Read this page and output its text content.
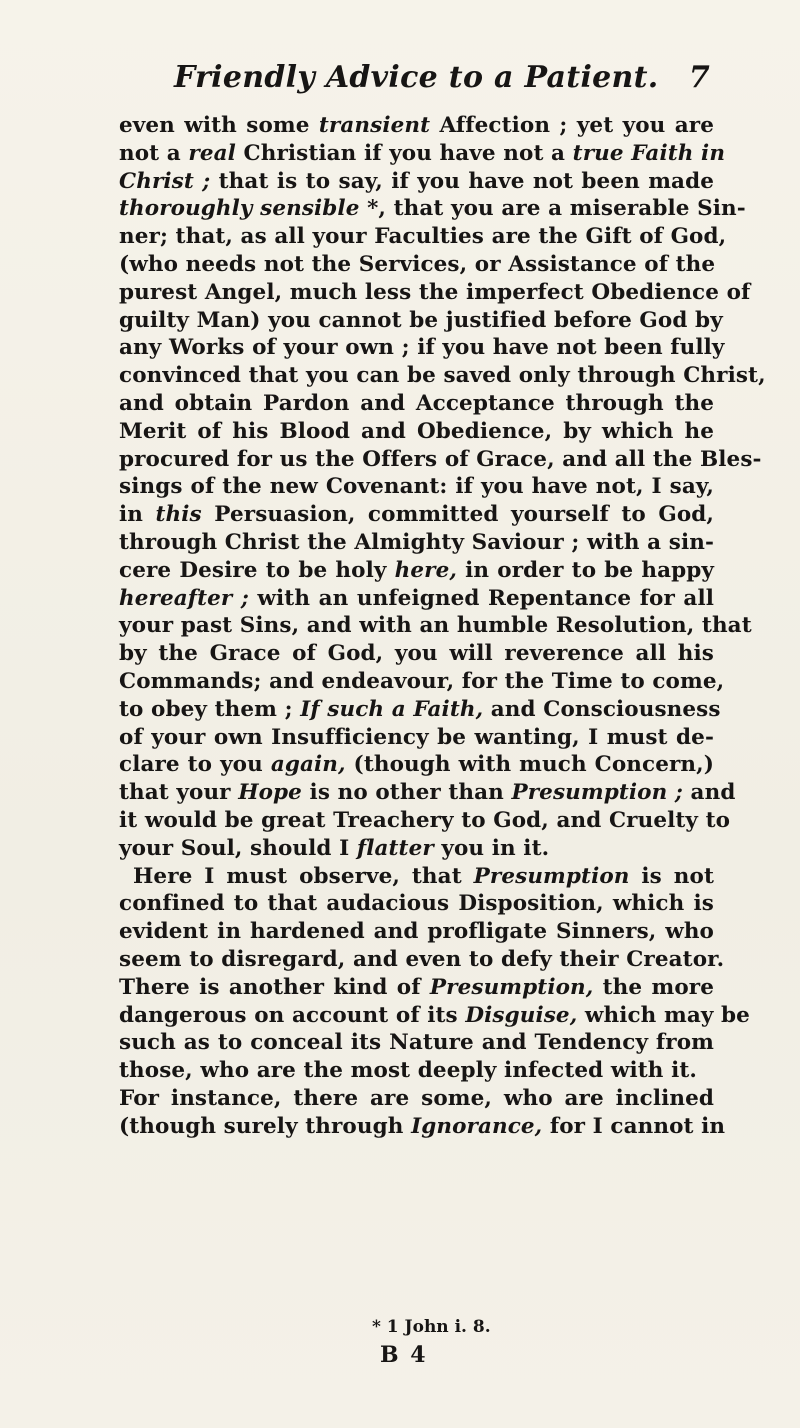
Friendly Advice to a Patient. 7
even with some transient Affection ; yet you are
not a real Christian if you have not a true Faith in
Christ ; that is to say, if you have not been made
thoroughly sensible *, that you are a miserable Sin-
ner; that, as all your Faculties are the Gift of God,
(who needs not the Services, or Assistance of the
purest Angel, much less the imperfect Obedience of
guilty Man) you cannot be justified before God by
any Works of your own ; if you have not been fully
convinced that you can be saved only through Christ,
and obtain Pardon and Acceptance through the
Merit of his Blood and Obedience, by which he
procured for us the Offers of Grace, and all the Bles-
sings of the new Covenant: if you have not, I say,
in this Persuasion, committed yourself to God,
through Christ the Almighty Saviour ; with a sin-
cere Desire to be holy here, in order to be happy
hereafter ; with an unfeigned Repentance for all
your past Sins, and with an humble Resolution, that
by the Grace of God, you will reverence all his
Commands; and endeavour, for the Time to come,
to obey them ; If such a Faith, and Consciousness
of your own Insufficiency be wanting, I must de-
clare to you again, (though with much Concern,)
that your Hope is no other than Presumption ; and
it would be great Treachery to God, and Cruelty to
your Soul, should I flatter you in it.
Here I must observe, that Presumption is not
confined to that audacious Disposition, which is
evident in hardened and profligate Sinners, who
seem to disregard, and even to defy their Creator.
There is another kind of Presumption, the more
dangerous on account of its Disguise, which may be
such as to conceal its Nature and Tendency from
those, who are the most deeply infected with it.
For instance, there are some, who are inclined
(though surely through Ignorance, for I cannot in
* 1 John i. 8.
B 4
